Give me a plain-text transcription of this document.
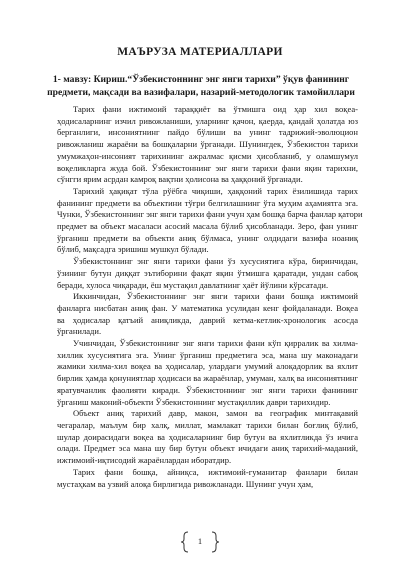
МАЪРУЗА МАТЕРИАЛЛАРИ
1- мавзу: Кириш.“Ўзбекистоннинг энг янги тарихи” ўқув фанининг
предмети, мақсади ва вазифалари, назарий-методологик тамойиллари

Тарих фани ижтимоий тараққиёт ва ўтмишга оид ҳар хил воқеа-
ҳодисаларнинг изчил ривожланиши, уларнинг қачон, қаерда, қандай ҳолатда юз
берганлиги, инсониятнинг пайдо бўлиши ва унинг тадрижий-эволюцион
ривожланиш жараёни ва бошқаларни ўрганади. Шунингдек, Ўзбекистон тарихи
умумжаҳон-инсоният тарихининг ажралмас қисми ҳисобланиб, у оламшумул
воқеликларга жуда бой. Ўзбекистоннинг энг янги тарихи фани яқин тарихни,
сўнгги ярим асрдан камроқ вақтни ҳолисона ва ҳаққоний ўрганади.

Тарихий ҳақиқат тўла рўёбга чиқиши, ҳаққоний тарих ёзилишида тарих
фанининг предмети ва объектини тўғри белгилашнинг ўта муҳим аҳамиятга эга.
Чунки, Ўзбекистоннинг энг янги тарихи фани учун ҳам бошқа барча фанлар қатори
предмет ва объект масаласи асосий масала бўлиб ҳисобланади. Зеро, фан унинг
ўрганиш предмети ва объекти аниқ бўлмаса, унинг олдидаги вазифа ноаниқ
бўлиб, мақсадга эришиш мушкул бўлади.

Ўзбекистоннинг энг янги тарихи фани ўз хусусиятига кўра, биринчидан,
ўзининг бутун диққат эътиборини фақат яқин ўтмишга қаратади, ундан сабоқ
беради, хулоса чиқаради, ёш мустақил давлатнинг ҳаёт йўлини кўрсатади.

Иккинчидан, Ўзбекистоннинг энг янги тарихи фани бошқа ижтимоий
фанларга нисбатан аниқ фан. У математика усулидан кенг фойдаланади. Воқеа
ва ҳодисалар қатъий аниқликда, даврий кетма-кетлик-хронологик асосда
ўрганилади.

Учинчидан, Ўзбекистоннинг энг янги тарихи фани кўп қирралик ва хилма-
хиллик хусусиятига эга. Унинг ўрганиш предметига эса, мана шу маконадаги
жамики хилма-хил воқеа ва ҳодисалар, улардаги умумий алоқадорлик ва яхлит
бирлик ҳамда қонуниятлар ҳодисаси ва жараёнлар, умуман, халқ ва инсониятнинг
яратувчанлик фаолияти киради. Ўзбекистоннинг энг янги тарихи фанининг
ўрганиш маконий-объекти Ўзбекистоннинг мустақиллик даври тарихидир.

Объект аниқ тарихий давр, макон, замон ва географик минтақавий
чегаралар, маълум бир халқ, миллат, мамлакат тарихи билан боғлиқ бўлиб,
шулар доирасидаги воқеа ва ҳодисаларнинг бир бутун ва яхлитликда ўз ичига
олади. Предмет эса мана шу бир бутун объект ичидаги аниқ тарихий-маданий,
ижтимоий-иқтисодий жараёнлардан иборатдир.

Тарих фани бошқа, айниқса, ижтимоий-гуманитар фанлари билан
мустаҳкам ва узвий алоқа бирлигида ривожланади. Шунинг учун ҳам,

1
